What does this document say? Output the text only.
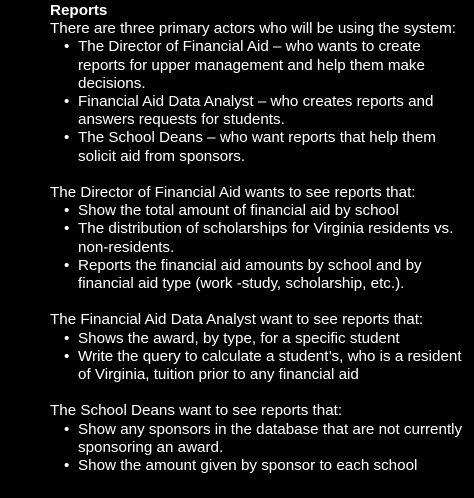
Reports

There are three primary actors who will be using the system:

• The Director of Financial Aid – who wants to create reports for upper management and help them make decisions.
• Financial Aid Data Analyst – who creates reports and answers requests for students.
• The School Deans – who want reports that help them solicit aid from sponsors.

The Director of Financial Aid wants to see reports that:

• Show the total amount of financial aid by school
• The distribution of scholarships for Virginia residents vs. non-residents.
• Reports the financial aid amounts by school and by financial aid type (work -study, scholarship, etc.).

The Financial Aid Data Analyst want to see reports that:

• Shows the award, by type, for a specific student
• Write the query to calculate a student’s, who is a resident of Virginia, tuition prior to any financial aid

The School Deans want to see reports that:

• Show any sponsors in the database that are not currently sponsoring an award.
• Show the amount given by sponsor to each school
